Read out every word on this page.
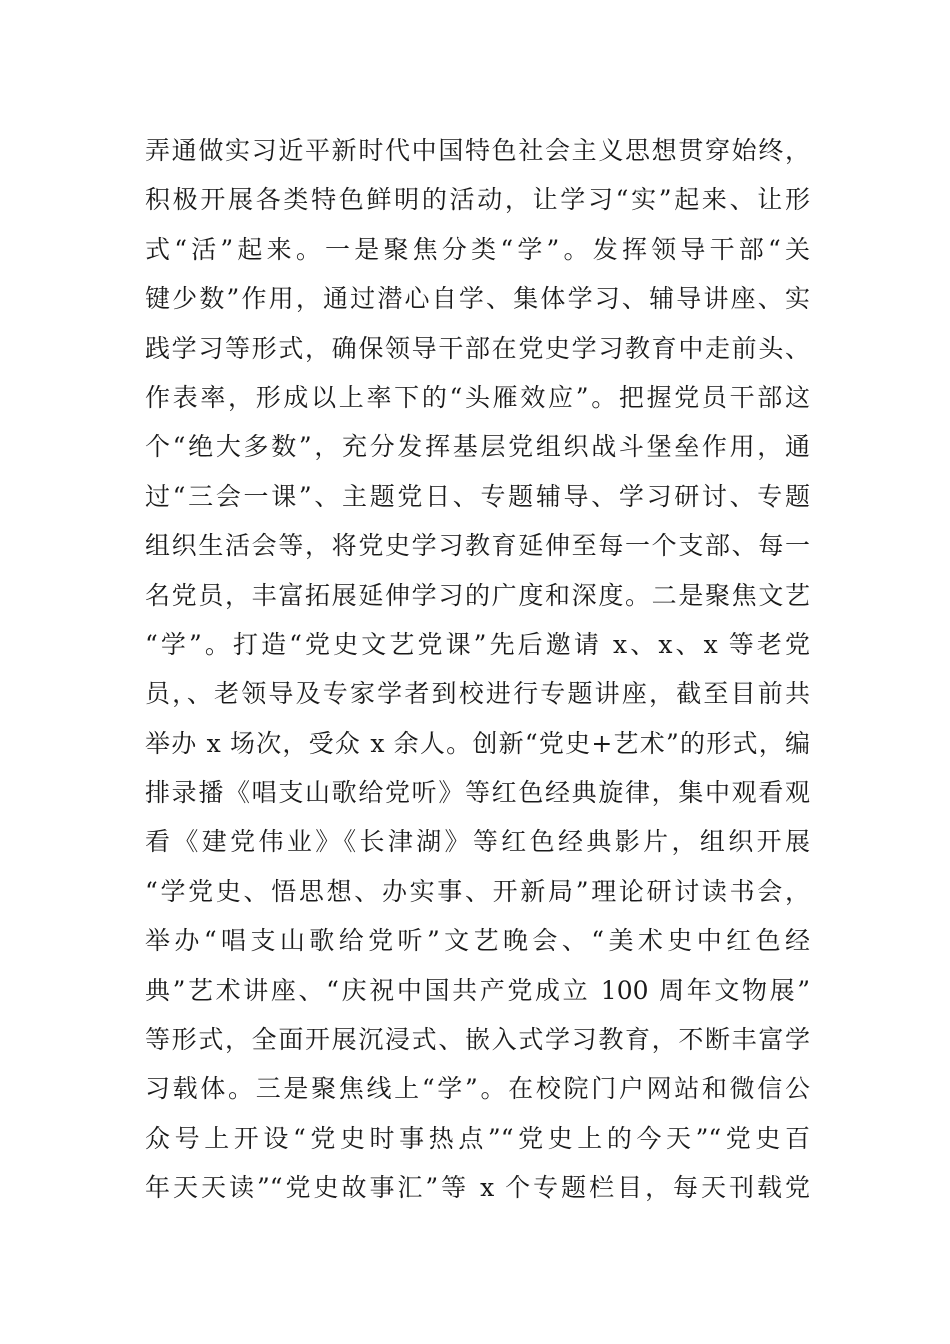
弄通做实习近平新时代中国特色社会主义思想贯穿始终，
积极开展各类特色鲜明的活动，让学习“实”起来、让形
式“活”起来。一是聚焦分类“学”。发挥领导干部“关
键少数”作用，通过潜心自学、集体学习、辅导讲座、实
践学习等形式，确保领导干部在党史学习教育中走前头、
作表率，形成以上率下的“头雁效应”。把握党员干部这
个“绝大多数”，充分发挥基层党组织战斗堡垒作用，通
过“三会一课”、主题党日、专题辅导、学习研讨、专题
组织生活会等，将党史学习教育延伸至每一个支部、每一
名党员，丰富拓展延伸学习的广度和深度。二是聚焦文艺
“学”。打造“党史文艺党课”先后邀请 x、x、x 等老党
员，、老领导及专家学者到校进行专题讲座，截至目前共
举办 x 场次，受众 x 余人。创新“党史+艺术”的形式，编
排录播《唱支山歌给党听》等红色经典旋律，集中观看观
看《建党伟业》《长津湖》等红色经典影片，组织开展
“学党史、悟思想、办实事、开新局”理论研讨读书会，
举办“唱支山歌给党听”文艺晚会、“美术史中红色经
典”艺术讲座、“庆祝中国共产党成立 100 周年文物展”
等形式，全面开展沉浸式、嵌入式学习教育，不断丰富学
习载体。三是聚焦线上“学”。在校院门户网站和微信公
众号上开设“党史时事热点”“党史上的今天”“党史百
年天天读”“党史故事汇”等 x 个专题栏目，每天刊载党
